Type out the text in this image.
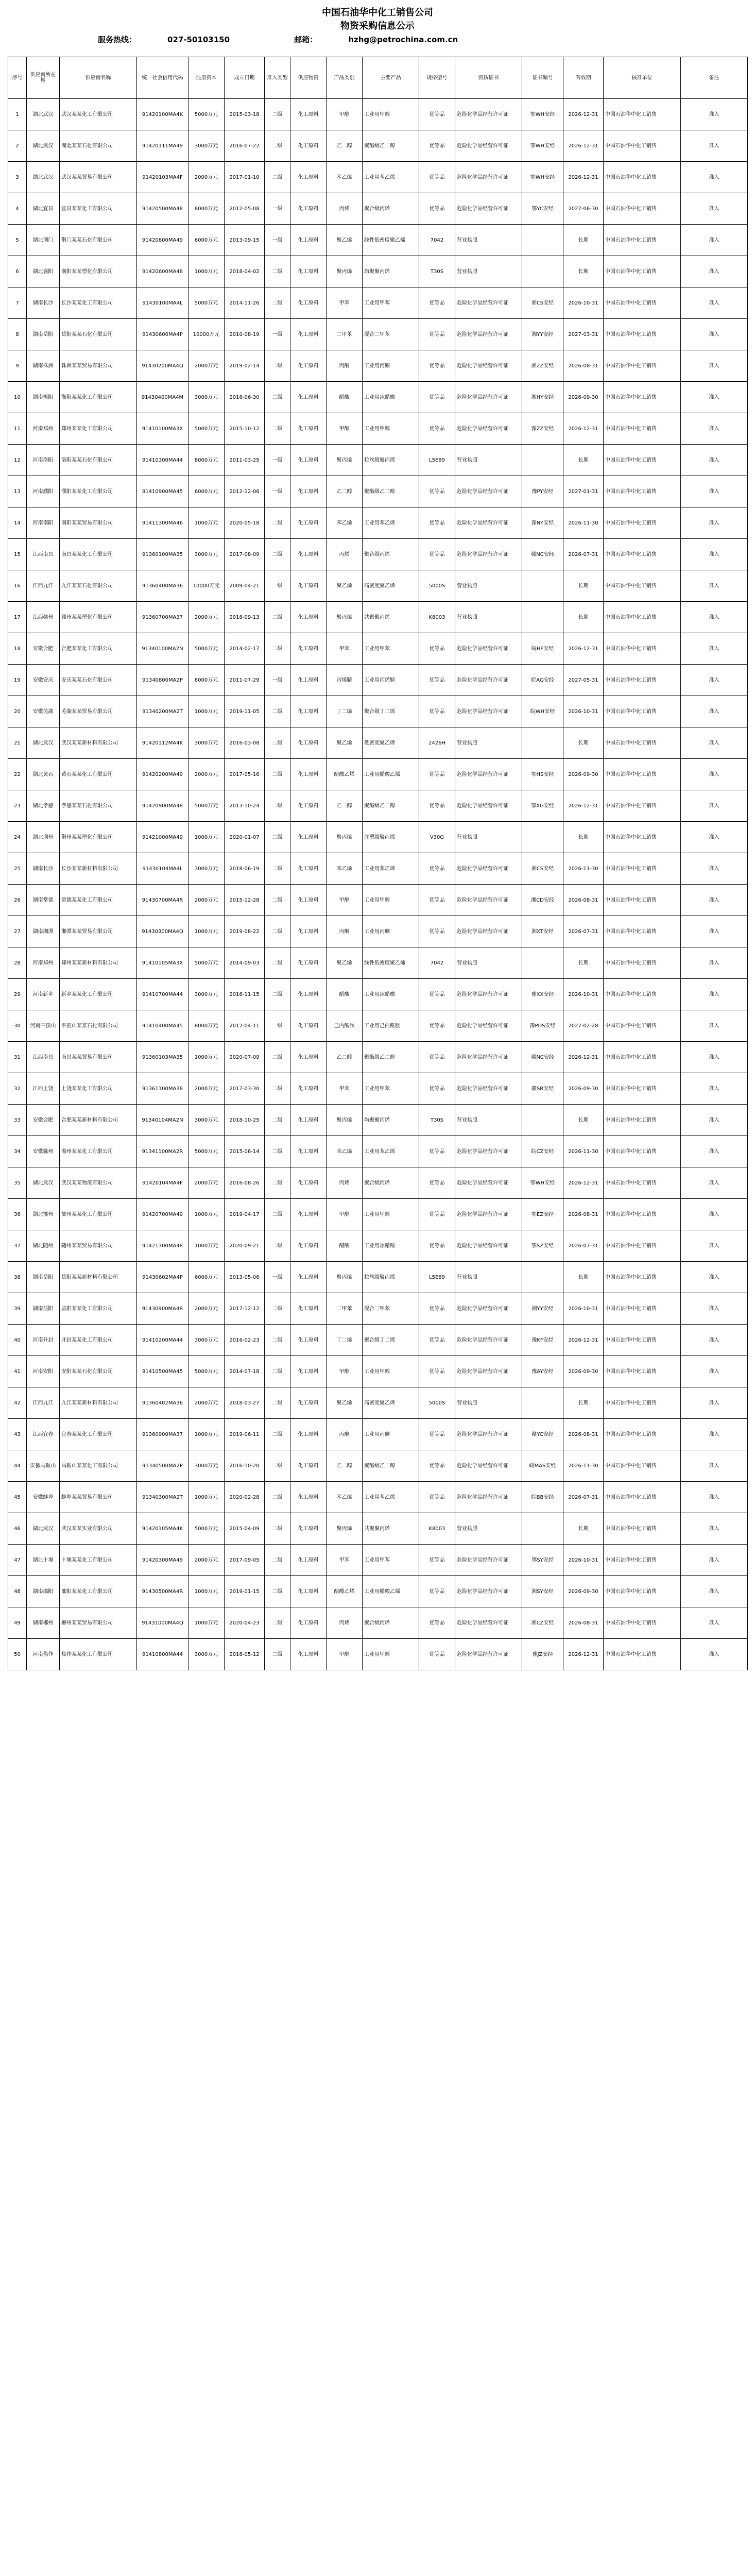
中国石油华中化工销售公司
物资采购信息公示
服务热线：	027-50103150	邮箱：	hzhg@petrochina.com.cn
序号	供应商所在地	供应商名称	统一社会信用代码	注册资本	成立日期	准入类型	供应物资	产品类别	主要产品	规格型号	资质证书	证书编号	有效期	核准单位	备注
1	湖北武汉	武汉某某化工有限公司	91420100MA4K	5000万元	2015-03-18	二级	化工原料	甲醇	工业用甲醇	优等品	危险化学品经营许可证	鄂WH安经	2026-12-31	中国石油华中化工销售	准入
2	湖北武汉	湖北某某石化有限公司	91420111MA49	3000万元	2016-07-22	二级	化工原料	乙二醇	聚酯级乙二醇	优等品	危险化学品经营许可证	鄂WH安经	2026-12-31	中国石油华中化工销售	准入
3	湖北武汉	武汉某某贸易有限公司	91420103MA4F	2000万元	2017-01-10	二级	化工原料	苯乙烯	工业用苯乙烯	优等品	危险化学品经营许可证	鄂WH安经	2026-12-31	中国石油华中化工销售	准入
4	湖北宜昌	宜昌某某化工有限公司	91420500MA48	8000万元	2012-05-08	一级	化工原料	丙烯	聚合级丙烯	优等品	危险化学品经营许可证	鄂YC安经	2027-06-30	中国石油华中化工销售	准入
5	湖北荆门	荆门某某石化有限公司	91420800MA49	6000万元	2013-09-15	一级	化工原料	聚乙烯	线性低密度聚乙烯	7042	营业执照		长期	中国石油华中化工销售	准入
6	湖北襄阳	襄阳某某塑化有限公司	91420600MA48	1000万元	2018-04-02	二级	化工原料	聚丙烯	均聚聚丙烯	T30S	营业执照		长期	中国石油华中化工销售	准入
7	湖南长沙	长沙某某化工有限公司	91430100MA4L	5000万元	2014-11-26	二级	化工原料	甲苯	工业用甲苯	优等品	危险化学品经营许可证	湘CS安经	2026-10-31	中国石油华中化工销售	准入
8	湖南岳阳	岳阳某某石化有限公司	91430600MA4P	10000万元	2010-08-19	一级	化工原料	二甲苯	混合二甲苯	优等品	危险化学品经营许可证	湘YY安经	2027-03-31	中国石油华中化工销售	准入
9	湖南株洲	株洲某某贸易有限公司	91430200MA4Q	2000万元	2019-02-14	二级	化工原料	丙酮	工业用丙酮	优等品	危险化学品经营许可证	湘ZZ安经	2026-08-31	中国石油华中化工销售	准入
10	湖南衡阳	衡阳某某化工有限公司	91430400MA4M	3000万元	2016-06-30	二级	化工原料	醋酸	工业用冰醋酸	优等品	危险化学品经营许可证	湘HY安经	2026-09-30	中国石油华中化工销售	准入
11	河南郑州	郑州某某化工有限公司	91410100MA3X	5000万元	2015-10-12	二级	化工原料	甲醇	工业用甲醇	优等品	危险化学品经营许可证	豫ZZ安经	2026-12-31	中国石油华中化工销售	准入
12	河南洛阳	洛阳某某石化有限公司	91410300MA44	8000万元	2011-03-25	一级	化工原料	聚丙烯	拉丝级聚丙烯	L5E89	营业执照		长期	中国石油华中化工销售	准入
13	河南濮阳	濮阳某某化工有限公司	91410900MA45	6000万元	2012-12-06	一级	化工原料	乙二醇	聚酯级乙二醇	优等品	危险化学品经营许可证	豫PY安经	2027-01-31	中国石油华中化工销售	准入
14	河南南阳	南阳某某贸易有限公司	91411300MA46	1000万元	2020-05-18	二级	化工原料	苯乙烯	工业用苯乙烯	优等品	危险化学品经营许可证	豫NY安经	2026-11-30	中国石油华中化工销售	准入
15	江西南昌	南昌某某化工有限公司	91360100MA35	3000万元	2017-08-09	二级	化工原料	丙烯	聚合级丙烯	优等品	危险化学品经营许可证	赣NC安经	2026-07-31	中国石油华中化工销售	准入
16	江西九江	九江某某石化有限公司	91360400MA36	10000万元	2009-04-21	一级	化工原料	聚乙烯	高密度聚乙烯	5000S	营业执照		长期	中国石油华中化工销售	准入
17	江西赣州	赣州某某塑化有限公司	91360700MA37	2000万元	2018-09-13	二级	化工原料	聚丙烯	共聚聚丙烯	K8003	营业执照		长期	中国石油华中化工销售	准入
18	安徽合肥	合肥某某化工有限公司	91340100MA2N	5000万元	2014-02-17	二级	化工原料	甲苯	工业用甲苯	优等品	危险化学品经营许可证	皖HF安经	2026-12-31	中国石油华中化工销售	准入
19	安徽安庆	安庆某某石化有限公司	91340800MA2P	8000万元	2011-07-29	一级	化工原料	丙烯腈	工业用丙烯腈	优等品	危险化学品经营许可证	皖AQ安经	2027-05-31	中国石油华中化工销售	准入
20	安徽芜湖	芜湖某某贸易有限公司	91340200MA2T	1000万元	2019-11-05	二级	化工原料	丁二烯	聚合级丁二烯	优等品	危险化学品经营许可证	皖WH安经	2026-10-31	中国石油华中化工销售	准入
21	湖北武汉	武汉某某新材料有限公司	91420112MA4K	3000万元	2016-03-08	二级	化工原料	聚乙烯	低密度聚乙烯	2426H	营业执照		长期	中国石油华中化工销售	准入
22	湖北黄石	黄石某某化工有限公司	91420200MA49	2000万元	2017-05-16	二级	化工原料	醋酸乙烯	工业用醋酸乙烯	优等品	危险化学品经营许可证	鄂HS安经	2026-09-30	中国石油华中化工销售	准入
23	湖北孝感	孝感某某石化有限公司	91420900MA48	5000万元	2013-10-24	二级	化工原料	乙二醇	聚酯级乙二醇	优等品	危险化学品经营许可证	鄂XG安经	2026-12-31	中国石油华中化工销售	准入
24	湖北荆州	荆州某某塑化有限公司	91421000MA49	1000万元	2020-01-07	二级	化工原料	聚丙烯	注塑级聚丙烯	V30G	营业执照		长期	中国石油华中化工销售	准入
25	湖南长沙	长沙某某新材料有限公司	91430104MA4L	3000万元	2018-06-19	二级	化工原料	苯乙烯	工业用苯乙烯	优等品	危险化学品经营许可证	湘CS安经	2026-11-30	中国石油华中化工销售	准入
26	湖南常德	常德某某化工有限公司	91430700MA4R	2000万元	2015-12-28	二级	化工原料	甲醇	工业用甲醇	优等品	危险化学品经营许可证	湘CD安经	2026-08-31	中国石油华中化工销售	准入
27	湖南湘潭	湘潭某某贸易有限公司	91430300MA4Q	1000万元	2019-08-22	二级	化工原料	丙酮	工业用丙酮	优等品	危险化学品经营许可证	湘XT安经	2026-07-31	中国石油华中化工销售	准入
28	河南郑州	郑州某某新材料有限公司	91410105MA3X	5000万元	2014-09-03	二级	化工原料	聚乙烯	线性低密度聚乙烯	7042	营业执照		长期	中国石油华中化工销售	准入
29	河南新乡	新乡某某化工有限公司	91410700MA44	3000万元	2016-11-15	二级	化工原料	醋酸	工业用冰醋酸	优等品	危险化学品经营许可证	豫XX安经	2026-10-31	中国石油华中化工销售	准入
30	河南平顶山	平顶山某某石化有限公司	91410400MA45	8000万元	2012-04-11	一级	化工原料	己内酰胺	工业用己内酰胺	优等品	危险化学品经营许可证	豫PDS安经	2027-02-28	中国石油华中化工销售	准入
31	江西南昌	南昌某某贸易有限公司	91360103MA35	1000万元	2020-07-09	二级	化工原料	乙二醇	聚酯级乙二醇	优等品	危险化学品经营许可证	赣NC安经	2026-12-31	中国石油华中化工销售	准入
32	江西上饶	上饶某某化工有限公司	91361100MA38	2000万元	2017-03-30	二级	化工原料	甲苯	工业用甲苯	优等品	危险化学品经营许可证	赣SR安经	2026-09-30	中国石油华中化工销售	准入
33	安徽合肥	合肥某某新材料有限公司	91340104MA2N	3000万元	2018-10-25	二级	化工原料	聚丙烯	均聚聚丙烯	T30S	营业执照		长期	中国石油华中化工销售	准入
34	安徽滁州	滁州某某化工有限公司	91341100MA2R	5000万元	2015-06-14	二级	化工原料	苯乙烯	工业用苯乙烯	优等品	危险化学品经营许可证	皖CZ安经	2026-11-30	中国石油华中化工销售	准入
35	湖北武汉	武汉某某物流有限公司	91420104MA4F	2000万元	2016-08-26	二级	化工原料	丙烯	聚合级丙烯	优等品	危险化学品经营许可证	鄂WH安经	2026-12-31	中国石油华中化工销售	准入
36	湖北鄂州	鄂州某某化工有限公司	91420700MA49	1000万元	2019-04-17	二级	化工原料	甲醇	工业用甲醇	优等品	危险化学品经营许可证	鄂EZ安经	2026-08-31	中国石油华中化工销售	准入
37	湖北随州	随州某某贸易有限公司	91421300MA48	1000万元	2020-09-21	二级	化工原料	醋酸	工业用冰醋酸	优等品	危险化学品经营许可证	鄂SZ安经	2026-07-31	中国石油华中化工销售	准入
38	湖南岳阳	岳阳某某新材料有限公司	91430602MA4P	6000万元	2013-05-06	一级	化工原料	聚丙烯	拉丝级聚丙烯	L5E89	营业执照		长期	中国石油华中化工销售	准入
39	湖南益阳	益阳某某化工有限公司	91430900MA4R	2000万元	2017-12-12	二级	化工原料	二甲苯	混合二甲苯	优等品	危险化学品经营许可证	湘YY安经	2026-10-31	中国石油华中化工销售	准入
40	河南开封	开封某某化工有限公司	91410200MA44	3000万元	2016-02-23	二级	化工原料	丁二烯	聚合级丁二烯	优等品	危险化学品经营许可证	豫KF安经	2026-12-31	中国石油华中化工销售	准入
41	河南安阳	安阳某某石化有限公司	91410500MA45	5000万元	2014-07-18	二级	化工原料	甲醇	工业用甲醇	优等品	危险化学品经营许可证	豫AY安经	2026-09-30	中国石油华中化工销售	准入
42	江西九江	九江某某新材料有限公司	91360402MA36	2000万元	2018-03-27	二级	化工原料	聚乙烯	高密度聚乙烯	5000S	营业执照		长期	中国石油华中化工销售	准入
43	江西宜春	宜春某某化工有限公司	91360900MA37	1000万元	2019-06-11	二级	化工原料	丙酮	工业用丙酮	优等品	危险化学品经营许可证	赣YC安经	2026-08-31	中国石油华中化工销售	准入
44	安徽马鞍山	马鞍山某某化工有限公司	91340500MA2P	3000万元	2016-10-20	二级	化工原料	乙二醇	聚酯级乙二醇	优等品	危险化学品经营许可证	皖MAS安经	2026-11-30	中国石油华中化工销售	准入
45	安徽蚌埠	蚌埠某某贸易有限公司	91340300MA2T	1000万元	2020-02-28	二级	化工原料	苯乙烯	工业用苯乙烯	优等品	危险化学品经营许可证	皖BB安经	2026-07-31	中国石油华中化工销售	准入
46	湖北武汉	武汉某某实业有限公司	91420105MA4K	5000万元	2015-04-09	二级	化工原料	聚丙烯	共聚聚丙烯	K8003	营业执照		长期	中国石油华中化工销售	准入
47	湖北十堰	十堰某某化工有限公司	91420300MA49	2000万元	2017-09-05	二级	化工原料	甲苯	工业用甲苯	优等品	危险化学品经营许可证	鄂SY安经	2026-10-31	中国石油华中化工销售	准入
48	湖南邵阳	邵阳某某化工有限公司	91430500MA4R	1000万元	2019-01-15	二级	化工原料	醋酸乙烯	工业用醋酸乙烯	优等品	危险化学品经营许可证	湘SY安经	2026-09-30	中国石油华中化工销售	准入
49	湖南郴州	郴州某某贸易有限公司	91431000MA4Q	1000万元	2020-04-23	二级	化工原料	丙烯	聚合级丙烯	优等品	危险化学品经营许可证	湘CZ安经	2026-08-31	中国石油华中化工销售	准入
50	河南焦作	焦作某某化工有限公司	91410800MA44	3000万元	2016-05-12	二级	化工原料	甲醇	工业用甲醇	优等品	危险化学品经营许可证	豫JZ安经	2026-12-31	中国石油华中化工销售	准入
